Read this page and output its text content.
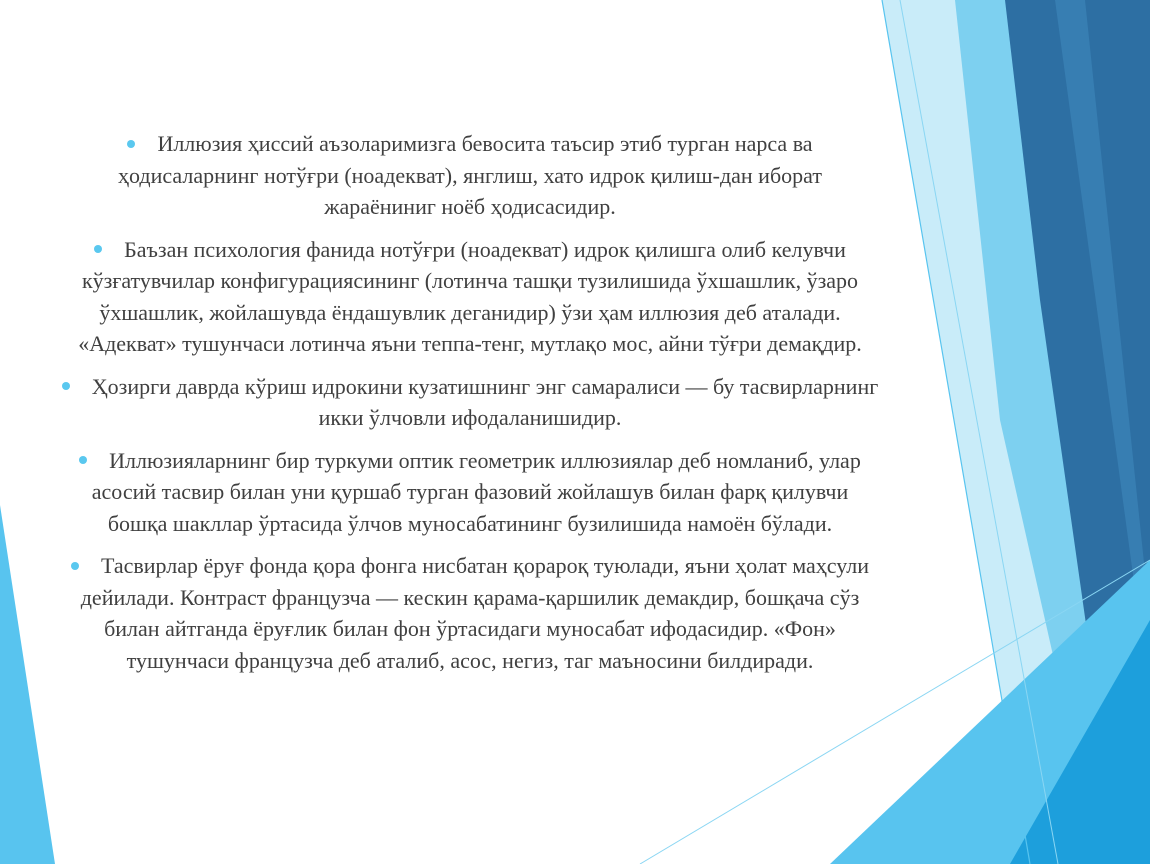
Иллюзия ҳиссий аъзоларимизга бевосита таъсир этиб турган нарса ва ҳодисаларнинг нотўғри (ноадекват), янглиш, хато идрок қилиш-дан иборат жараёниниг ноёб ҳодисасидир.

Баъзан психология фанида нотўғри (ноадекват) идрок қилишга олиб келувчи кўзғатувчилар конфигурациясининг (лотинча ташқи тузилишида ўхшашлик, ўзаро ўхшашлик, жойлашувда ёндашувлик деганидир) ўзи ҳам иллюзия деб аталади. «Адекват» тушунчаси лотинча яъни теппа-тенг, мутлақо мос, айни тўғри демақдир.

Ҳозирги даврда кўриш идрокини кузатишнинг энг самаралиси — бу тасвирларнинг икки ўлчовли ифодаланишидир.

Иллюзияларнинг бир туркуми оптик геометрик иллюзиялар деб номланиб, улар асосий тасвир билан уни қуршаб турган фазовий жойлашув билан фарқ қилувчи бошқа шакллар ўртасида ўлчов муносабатининг бузилишида намоён бўлади.

Тасвирлар ёруғ фонда қора фонга нисбатан қорароқ туюлади, яъни ҳолат маҳсули дейилади. Контраст французча — кескин қарама-қаршилик демакдир, бошқача сўз билан айтганда ёруғлик билан фон ўртасидаги муносабат ифодасидир. «Фон» тушунчаси французча деб аталиб, асос, негиз, таг маъносини билдиради.
